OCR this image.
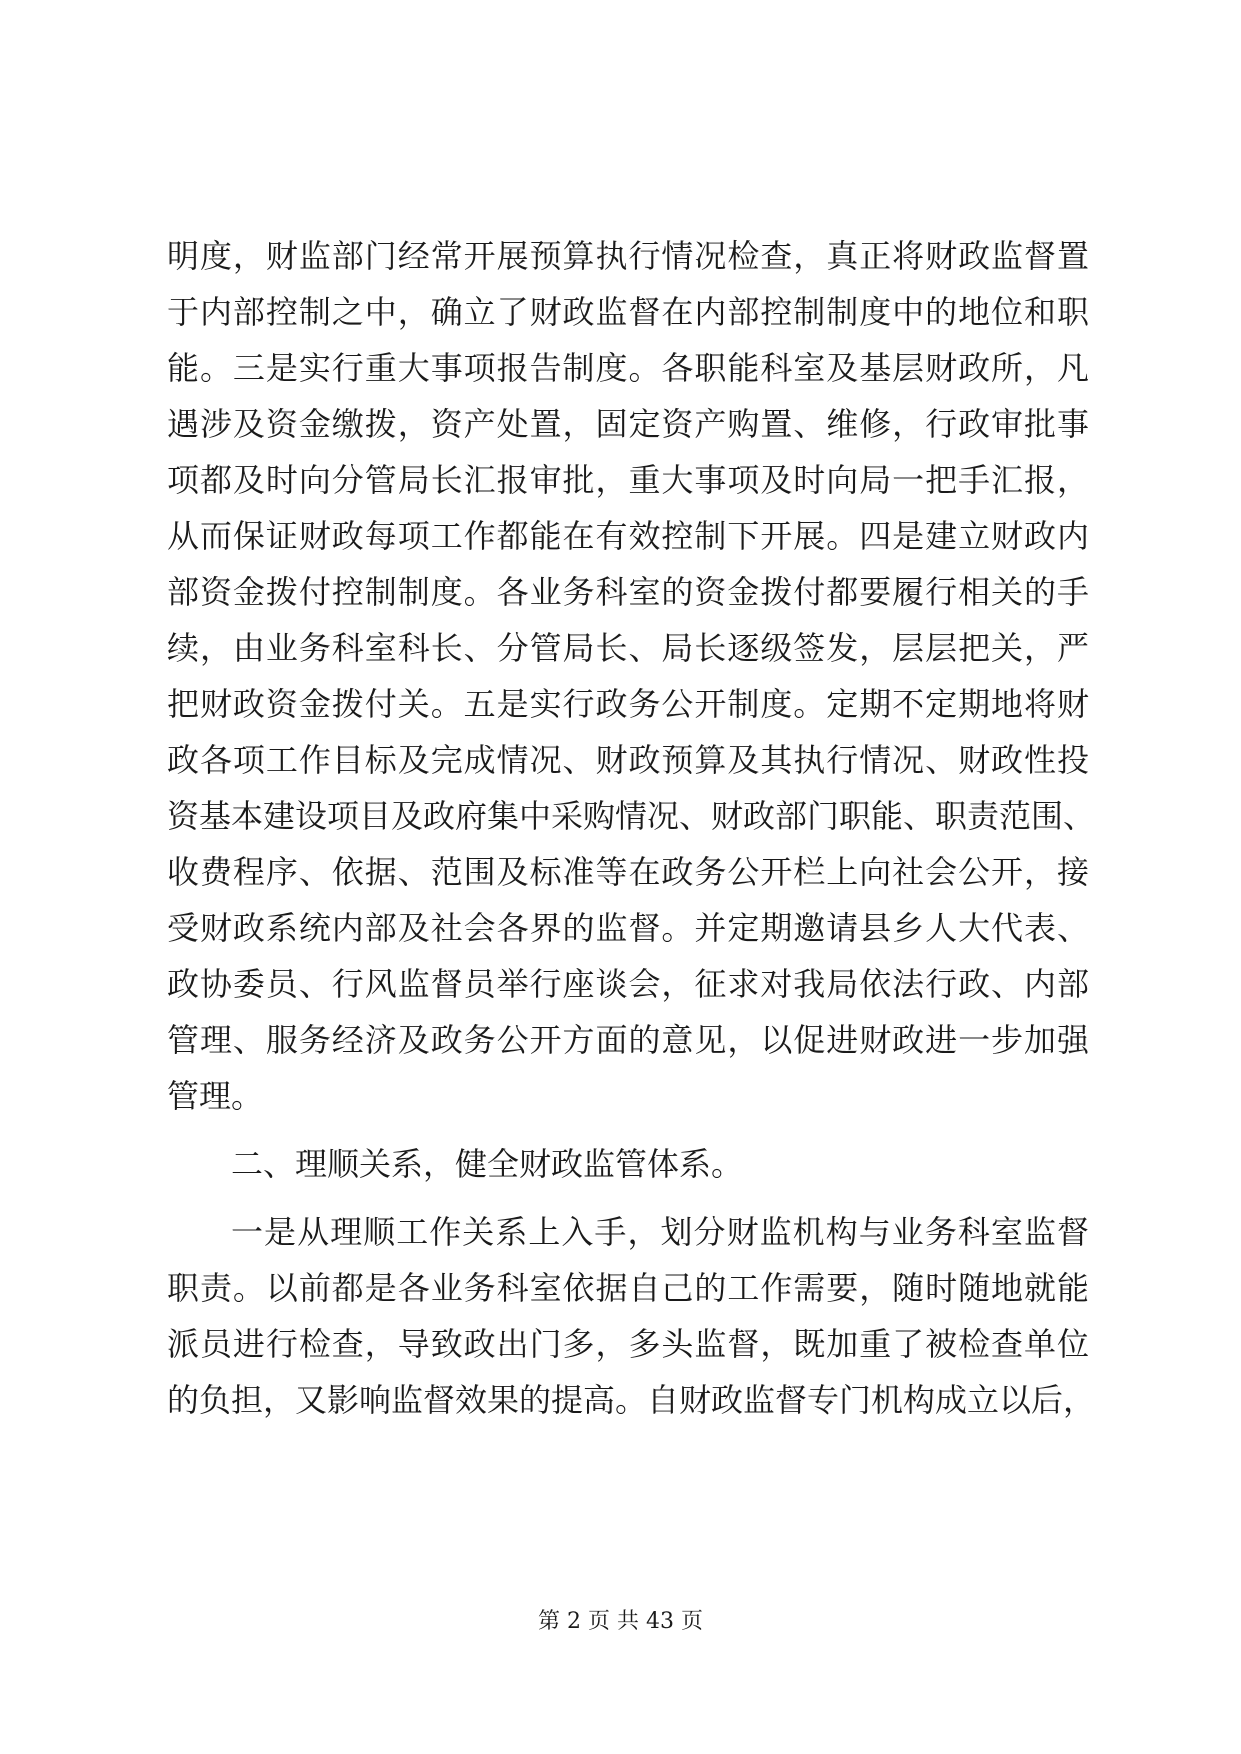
明度，财监部门经常开展预算执行情况检查，真正将财政监督置
于内部控制之中，确立了财政监督在内部控制制度中的地位和职
能。三是实行重大事项报告制度。各职能科室及基层财政所，凡
遇涉及资金缴拨，资产处置，固定资产购置、维修，行政审批事
项都及时向分管局长汇报审批，重大事项及时向局一把手汇报，
从而保证财政每项工作都能在有效控制下开展。四是建立财政内
部资金拨付控制制度。各业务科室的资金拨付都要履行相关的手
续，由业务科室科长、分管局长、局长逐级签发，层层把关，严
把财政资金拨付关。五是实行政务公开制度。定期不定期地将财
政各项工作目标及完成情况、财政预算及其执行情况、财政性投
资基本建设项目及政府集中采购情况、财政部门职能、职责范围、
收费程序、依据、范围及标准等在政务公开栏上向社会公开，接
受财政系统内部及社会各界的监督。并定期邀请县乡人大代表、
政协委员、行风监督员举行座谈会，征求对我局依法行政、内部
管理、服务经济及政务公开方面的意见，以促进财政进一步加强
管理。
二、理顺关系，健全财政监管体系。
一是从理顺工作关系上入手，划分财监机构与业务科室监督
职责。以前都是各业务科室依据自己的工作需要，随时随地就能
派员进行检查，导致政出门多，多头监督，既加重了被检查单位
的负担，又影响监督效果的提高。自财政监督专门机构成立以后，
第 2 页 共 43 页
